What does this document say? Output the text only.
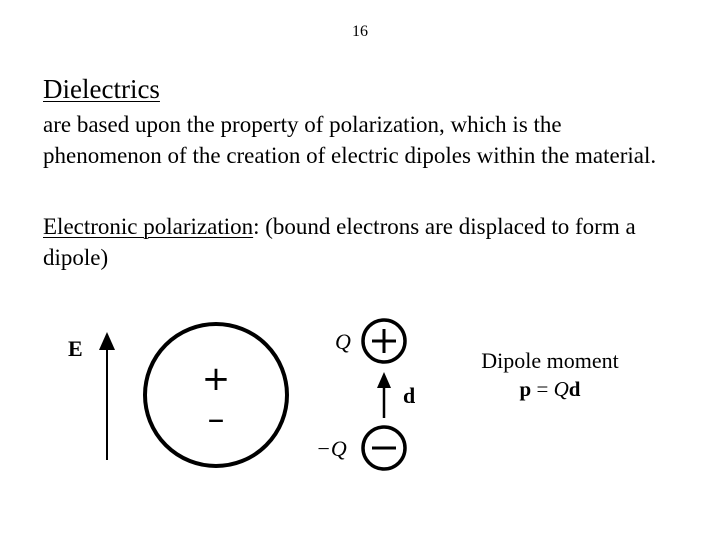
16
Dielectrics

are based upon the property of polarization, which is the phenomenon of the creation of electric dipoles within the material.

Electronic polarization: (bound electrons are displaced to form a dipole)

E
+
–
Q
d
−Q
Dipole moment
p = Qd
